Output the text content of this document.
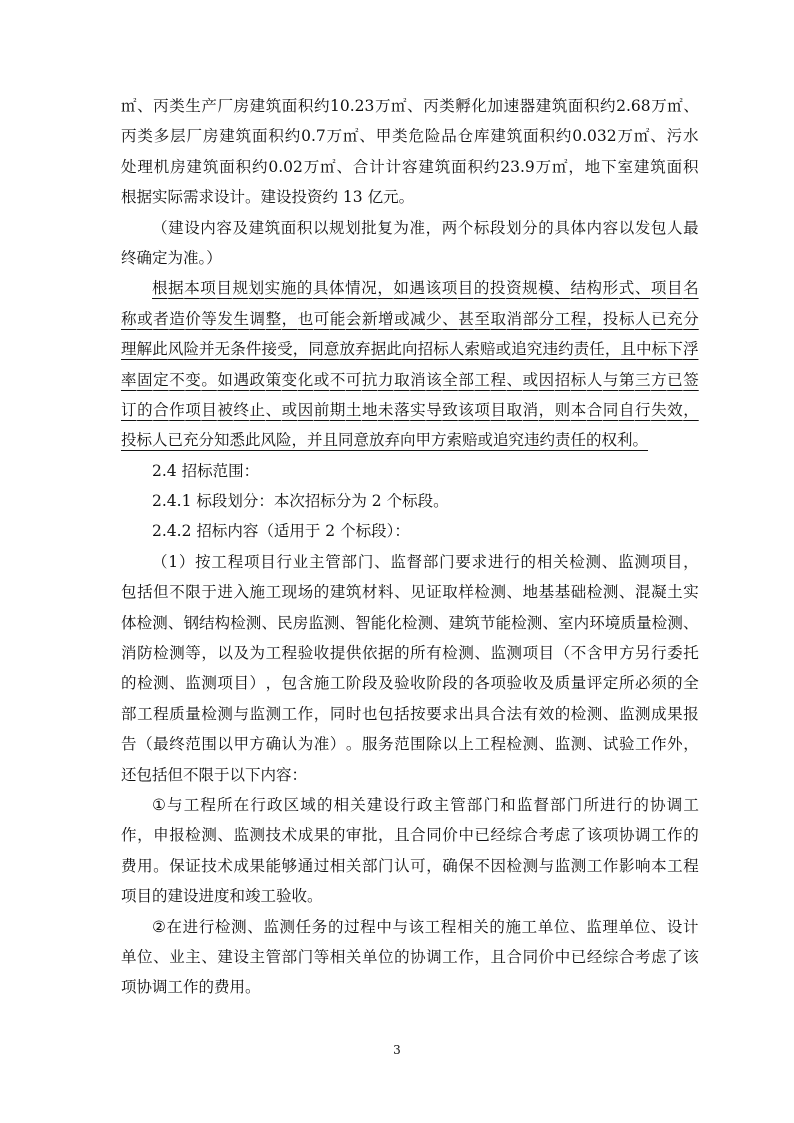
㎡ 、 丙 类 生 产 厂 房 建 筑 面 积 约 10.23 万 ㎡ 、 丙 类 孵 化 加 速 器 建 筑 面 积 约 2.68 万 ㎡ 、
丙 类 多 层 厂 房 建 筑 面 积 约 0.7 万 ㎡ 、 甲 类 危 险 品 仓 库 建 筑 面 积 约 0.032 万 ㎡ 、 污 水
处 理 机 房 建 筑 面 积 约 0.02 万 ㎡ 、 合 计 计 容 建 筑 面 积 约 23.9 万 ㎡ ， 地 下 室 建 筑 面 积
根据实际需求设计。建设投资约 13 亿元。
（ 建 设 内 容 及 建 筑 面 积 以 规 划 批 复 为 准 ， 两 个 标 段 划 分 的 具 体 内 容 以 发 包 人 最
终确定为准。）
根 据 本 项 目 规 划 实 施 的 具 体 情 况 ， 如 遇 该 项 目 的 投 资 规 模 、 结 构 形 式 、 项 目 名
称 或 者 造 价 等 发 生 调 整 ， 也 可 能 会 新 增 或 减 少 、 甚 至 取 消 部 分 工 程 ， 投 标 人 已 充 分
理 解 此 风 险 并 无 条 件 接 受 ， 同 意 放 弃 据 此 向 招 标 人 索 赔 或 追 究 违 约 责 任 ， 且 中 标 下 浮
率 固 定 不 变 。 如 遇 政 策 变 化 或 不 可 抗 力 取 消 该 全 部 工 程 、 或 因 招 标 人 与 第 三 方 已 签
订 的 合 作 项 目 被 终 止 、 或 因 前 期 土 地 未 落 实 导 致 该 项 目 取 消 ， 则 本 合 同 自 行 失 效 ，
投标人已充分知悉此风险，并且同意放弃向甲方索赔或追究违约责任的权利。
2.4 招标范围：
2.4.1 标段划分：本次招标分为 2 个标段。
2.4.2 招标内容（适用于 2 个标段）：
（ 1 ） 按 工 程 项 目 行 业 主 管 部 门 、 监 督 部 门 要 求 进 行 的 相 关 检 测 、 监 测 项 目 ，
包 括 但 不 限 于 进 入 施 工 现 场 的 建 筑 材 料 、 见 证 取 样 检 测 、 地 基 基 础 检 测 、 混 凝 土 实
体 检 测 、 钢 结 构 检 测 、 民 房 监 测 、 智 能 化 检 测 、 建 筑 节 能 检 测 、 室 内 环 境 质 量 检 测 、
消 防 检 测 等 ， 以 及 为 工 程 验 收 提 供 依 据 的 所 有 检 测 、 监 测 项 目 （ 不 含 甲 方 另 行 委 托
的 检 测 、 监 测 项 目 ） ， 包 含 施 工 阶 段 及 验 收 阶 段 的 各 项 验 收 及 质 量 评 定 所 必 须 的 全
部 工 程 质 量 检 测 与 监 测 工 作 ， 同 时 也 包 括 按 要 求 出 具 合 法 有 效 的 检 测 、 监 测 成 果 报
告 （ 最 终 范 围 以 甲 方 确 认 为 准 ） 。 服 务 范 围 除 以 上 工 程 检 测 、 监 测 、 试 验 工 作 外 ，
还包括但不限于以下内容：
① 与 工 程 所 在 行 政 区 域 的 相 关 建 设 行 政 主 管 部 门 和 监 督 部 门 所 进 行 的 协 调 工
作 ， 申 报 检 测 、 监 测 技 术 成 果 的 审 批 ， 且 合 同 价 中 已 经 综 合 考 虑 了 该 项 协 调 工 作 的
费 用 。 保 证 技 术 成 果 能 够 通 过 相 关 部 门 认 可 ， 确 保 不 因 检 测 与 监 测 工 作 影 响 本 工 程
项目的建设进度和竣工验收。
② 在 进 行 检 测 、 监 测 任 务 的 过 程 中 与 该 工 程 相 关 的 施 工 单 位 、 监 理 单 位 、 设 计
单 位 、 业 主 、 建 设 主 管 部 门 等 相 关 单 位 的 协 调 工 作 ， 且 合 同 价 中 已 经 综 合 考 虑 了 该
项协调工作的费用。
3
